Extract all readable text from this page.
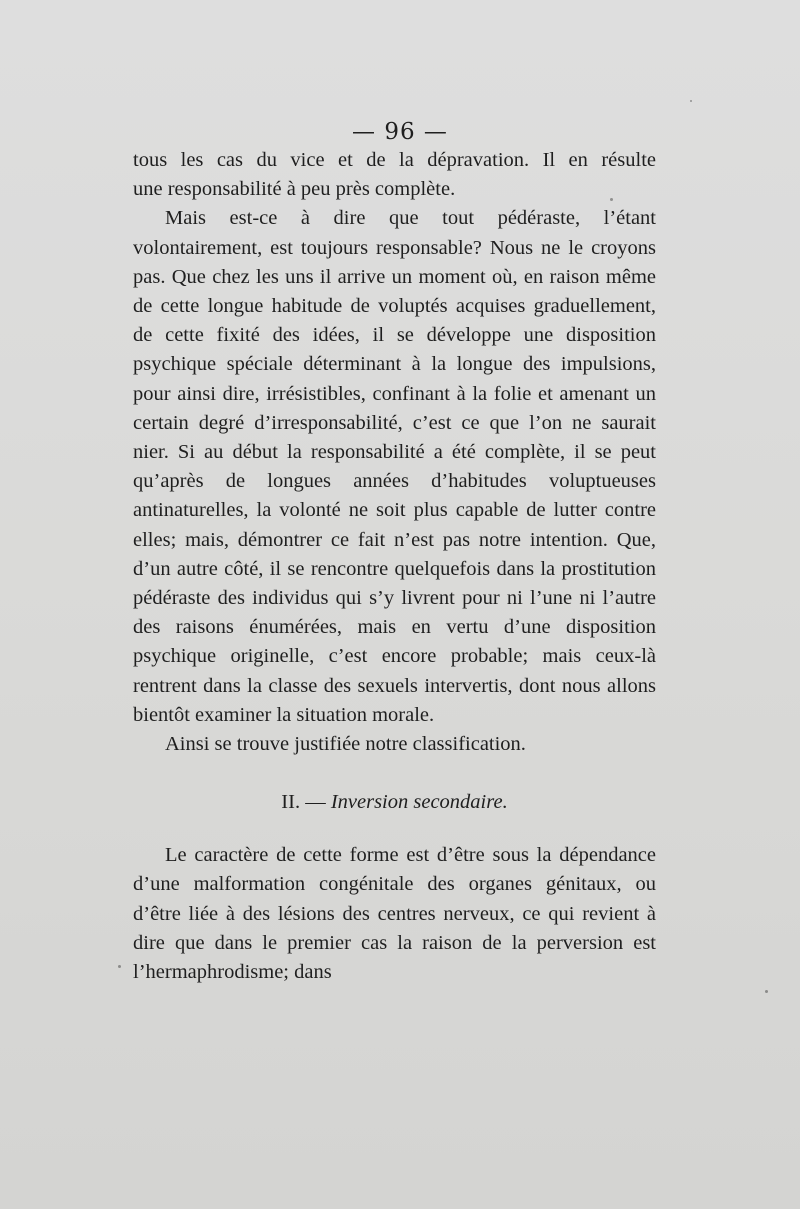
— 96 —

tous les cas du vice et de la dépravation. Il en résulte

une responsabilité à peu près complète.

Mais est-ce à dire que tout pédéraste, l’étant volontairement, est toujours responsable? Nous ne le croyons pas. Que chez les uns il arrive un moment où, en raison même de cette longue habitude de voluptés acquises graduellement, de cette fixité des idées, il se développe une disposition psychique spéciale déterminant à la longue des impulsions, pour ainsi dire, irrésistibles, confinant à la folie et amenant un certain degré d’irresponsabilité, c’est ce que l’on ne saurait nier. Si au début la responsabilité a été complète, il se peut qu’après de longues années d’habitudes voluptueuses antinaturelles, la volonté ne soit plus capable de lutter contre elles; mais, démontrer ce fait n’est pas notre intention. Que, d’un autre côté, il se rencontre quelquefois dans la prostitution pédéraste des individus qui s’y livrent pour ni l’une ni l’autre des raisons énumérées, mais en vertu d’une disposition psychique originelle, c’est encore probable; mais ceux-là rentrent dans la classe des sexuels intervertis, dont nous allons bientôt examiner la situation morale.

Ainsi se trouve justifiée notre classification.

II. — Inversion secondaire.

Le caractère de cette forme est d’être sous la dépendance d’une malformation congénitale des organes génitaux, ou d’être liée à des lésions des centres nerveux, ce qui revient à dire que dans le premier cas la raison de la perversion est l’hermaphrodisme; dans
